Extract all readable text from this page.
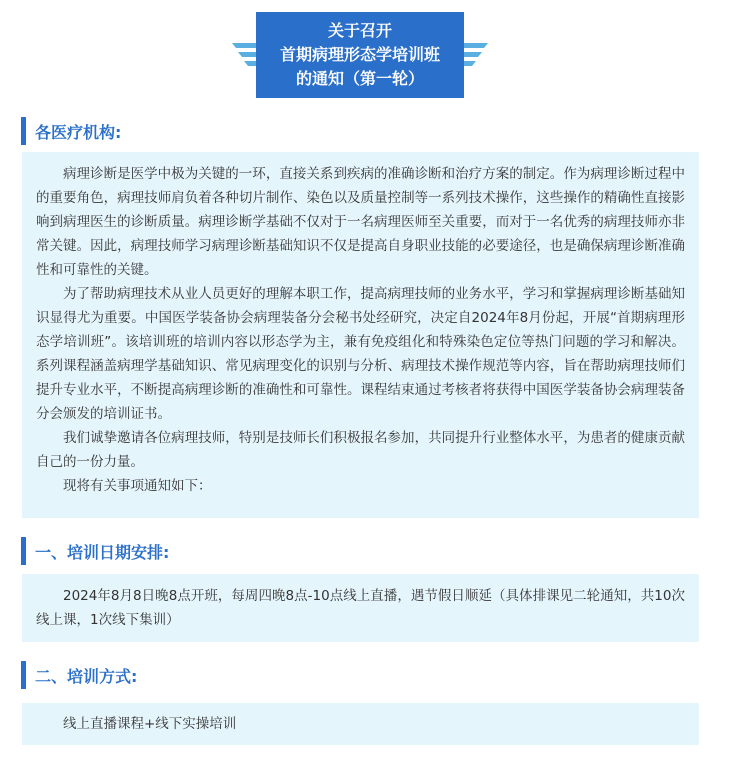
关于召开
首期病理形态学培训班
的通知（第一轮）
各医疗机构:

病理诊断是医学中极为关键的一环，直接关系到疾病的准确诊断和治疗方案的制定。作为病理诊断过程中的重要角色，病理技师肩负着各种切片制作、染色以及质量控制等一系列技术操作，这些操作的精确性直接影响到病理医生的诊断质量。病理诊断学基础不仅对于一名病理医师至关重要，而对于一名优秀的病理技师亦非常关键。因此，病理技师学习病理诊断基础知识不仅是提高自身职业技能的必要途径，也是确保病理诊断准确性和可靠性的关键。

为了帮助病理技术从业人员更好的理解本职工作，提高病理技师的业务水平，学习和掌握病理诊断基础知识显得尤为重要。中国医学装备协会病理装备分会秘书处经研究，决定自2024年8月份起，开展“首期病理形态学培训班”。该培训班的培训内容以形态学为主，兼有免疫组化和特殊染色定位等热门问题的学习和解决。系列课程涵盖病理学基础知识、常见病理变化的识别与分析、病理技术操作规范等内容，旨在帮助病理技师们提升专业水平，不断提高病理诊断的准确性和可靠性。课程结束通过考核者将获得中国医学装备协会病理装备分会颁发的培训证书。

我们诚挚邀请各位病理技师，特别是技师长们积极报名参加，共同提升行业整体水平，为患者的健康贡献自己的一份力量。

现将有关事项通知如下：

一、培训日期安排:

2024年8月8日晚8点开班，每周四晚8点-10点线上直播，遇节假日顺延（具体排课见二轮通知，共10次线上课，1次线下集训）

二、培训方式:

线上直播课程+线下实操培训
